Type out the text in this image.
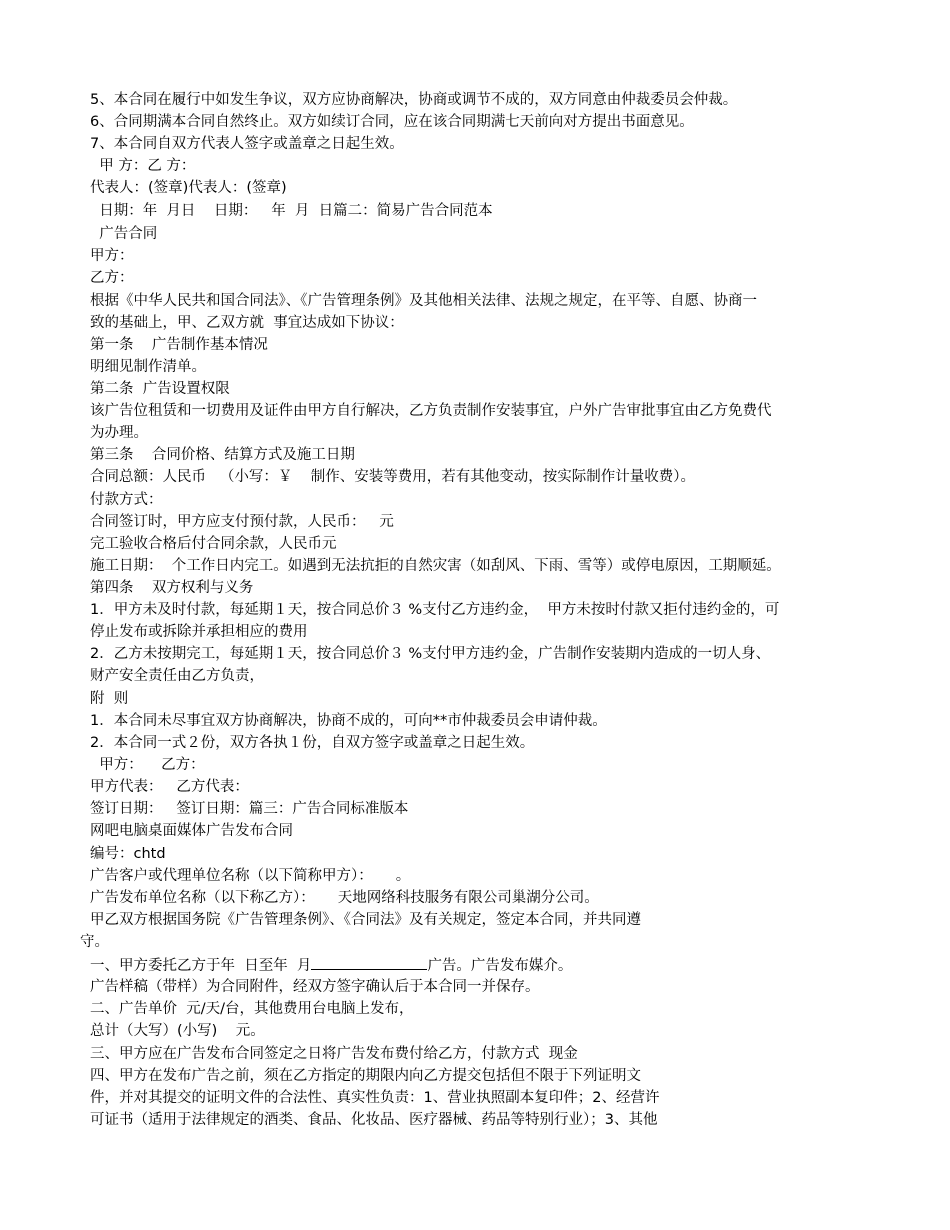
5、本合同在履行中如发生争议，双方应协商解决，协商或调节不成的，双方同意由仲裁委员会仲裁。
6、合同期满本合同自然终止。双方如续订合同，应在该合同期满七天前向对方提出书面意见。
7、本合同自双方代表人签字或盖章之日起生效。
甲 方：乙 方：
代表人：(签章)代表人：(签章)
日期：年  月日    日期：   年  月  日篇二：简易广告合同范本
广告合同
甲方：
乙方：
根据《中华人民共和国合同法》、《广告管理条例》及其他相关法律、法规之规定，在平等、自愿、协商一
致的基础上，甲、乙双方就  事宜达成如下协议：
第一条    广告制作基本情况
明细见制作清单。
第二条  广告设置权限
该广告位租赁和一切费用及证件由甲方自行解决，乙方负责制作安装事宜，户外广告审批事宜由乙方免费代
为办理。
第三条    合同价格、结算方式及施工日期
合同总额：人民币   （小写：￥    制作、安装等费用，若有其他变动，按实际制作计量收费）。
付款方式：
合同签订时，甲方应支付预付款，人民币：   元
完工验收合格后付合同余款，人民币元
施工日期：  个工作日内完工。如遇到无法抗拒的自然灾害（如刮风、下雨、雪等）或停电原因，工期顺延。
第四条    双方权利与义务
1．甲方未及时付款，每延期１天，按合同总价３ %支付乙方违约金，  甲方未按时付款又拒付违约金的，可
停止发布或拆除并承担相应的费用
2．乙方未按期完工，每延期１天，按合同总价３ %支付甲方违约金，广告制作安装期内造成的一切人身、
财产安全责任由乙方负责，
附  则
1．本合同未尽事宜双方协商解决，协商不成的，可向**市仲裁委员会申请仲裁。
2．本合同一式２份，双方各执１份，自双方签字或盖章之日起生效。
甲方：    乙方：
甲方代表：   乙方代表：
签订日期：   签订日期：篇三：广告合同标准版本
网吧电脑桌面媒体广告发布合同
编号：chtd
广告客户或代理单位名称（以下简称甲方）：     。
广告发布单位名称（以下称乙方）：     天地网络科技服务有限公司巢湖分公司。
甲乙双方根据国务院《广告管理条例》、《合同法》及有关规定，签定本合同，并共同遵
守。
一、甲方委托乙方于年  日至年  月	广告。广告发布媒介。
广告样稿（带样）为合同附件，经双方签字确认后于本合同一并保存。
二、广告单价  元/天/台，其他费用台电脑上发布，
总计（大写）(小写)    元。
三、甲方应在广告发布合同签定之日将广告发布费付给乙方，付款方式  现金
四、甲方在发布广告之前，须在乙方指定的期限内向乙方提交包括但不限于下列证明文
件，并对其提交的证明文件的合法性、真实性负责：1、营业执照副本复印件；2、经营许
可证书（适用于法律规定的酒类、食品、化妆品、医疗器械、药品等特别行业）；3、其他
